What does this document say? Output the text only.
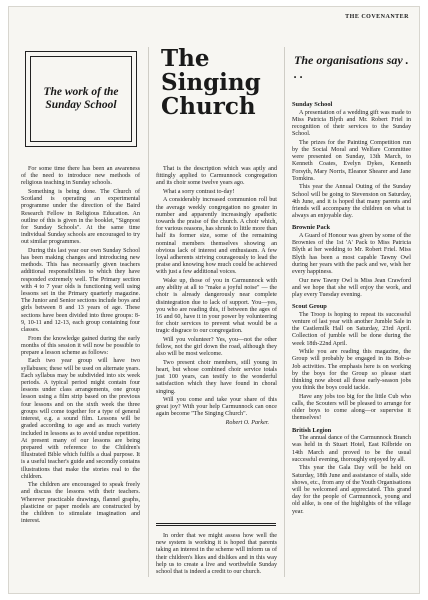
THE COVENANTER
The work of the Sunday School

For some time there has been an awareness of the need to introduce new methods of religious teaching in Sunday schools.

Something is being done. The Church of Scotland is operating an experimental programme under the direction of the Baird Research Fellow in Religious Education. An outline of this is given in the booklet, "Signpost for Sunday Schools". At the same time individual Sunday schools are encouraged to try out similar programmes.

During this last year our own Sunday School has been making changes and introducing new methods. This has necessarily given teachers additional responsibilities to which they have responded extremely well. The Primary section with 4 to 7 year olds is functioning well using lessons set in the Primary quarterly magazine. The Junior and Senior sections include boys and girls between 8 and 13 years of age. These sections have been divided into three groups: 8-9, 10-11 and 12-13, each group containing four classes.

From the knowledge gained during the early months of this session it will now be possible to prepare a lesson scheme as follows:

Each two year group will have two syllabuses; these will be used on alternate years. Each syllabus may be subdivided into six week periods. A typical period might contain four lessons under class arrangements, one group lesson using a film strip based on the previous four lessons and on the sixth week the three groups will come together for a type of general interest, e.g. a sound film. Lessons will be graded according to age and as much variety included in lessons as to avoid undue repetition. At present many of our lessons are being prepared with reference to the Children's Illustrated Bible which fulfils a dual purpose. It is a useful teacher's guide and secondly contains illustrations that make the stories real to the children.

The children are encouraged to speak freely and discuss the lessons with their teachers. Wherever practicable drawings, flannel graphs, plasticine or paper models are constructed by the children to stimulate imagination and interest.

The Singing Church

That is the description which was aptly and fittingly applied to Carmunnock congregation and its choir some twelve years ago.

What a sorry contrast to-day!

A considerably increased communion roll but the average weekly congregation no greater in number and apparently increasingly apathetic towards the praise of the church. A choir which, for various reasons, has shrunk to little more than half its former size, some of the remaining nominal members themselves showing an obvious lack of interest and enthusiasm. A few loyal adherents striving courageously to lead the praise and knowing how much could be achieved with just a few additional voices.

Wake up, those of you in Carmunnock with any ability at all to "make a joyful noise" — the choir is already dangerously near complete disintegration due to lack of support. You—yes, you who are reading this, if between the ages of 16 and 60, have it in your power by volunteering for choir services to prevent what would be a tragic disgrace to our congregation.

Will you volunteer? Yes, you—not the other fellow, not the girl down the road, although they also will be most welcome.

Two present choir members, still young in heart, but whose combined choir service totals just 100 years, can testify to the wonderful satisfaction which they have found in choral singing.

Will you come and take your share of this great joy? With your help Carmunnock can once again become "The Singing Church".

Robert O. Parker.

In order that we might assess how well the new system is working it is hoped that parents taking an interest in the scheme will inform us of their children's likes and dislikes and in this way help us to create a live and worthwhile Sunday school that is indeed a credit to our church.

The organisations say . . .
Sunday School

A presentation of a wedding gift was made to Miss Patricia Blyth and Mr. Robert Friel in recognition of their services to the Sunday School.

The prizes for the Painting Competition run by the Social Moral and Welfare Committee were presented on Sunday, 13th March, to Kenneth Coates, Evelyn Dykes, Kenneth Forsyth, Mary Norris, Eleanor Shearer and Jane Tomkins.

This year the Annual Outing of the Sunday School will be going to Stevenston on Saturday, 4th June, and it is hoped that many parents and friends will accompany the children on what is always an enjoyable day.

Brownie Pack

A Guard of Honour was given by some of the Brownies of the 1st 'A' Pack to Miss Patricia Blyth at her wedding to Mr. Robert Friel. Miss Blyth has been a most capable Tawny Owl during her years with the pack and we, wish her every happiness.

Our new Tawny Owl is Miss Jean Crawford and we hope that she will enjoy the work, and play every Tuesday evening.

Scout Group

The Troop is hoping to repeat its successful venture of last year with another Jumble Sale in the Castlemilk Hall on Saturday, 23rd April. Collection of jumble will be done during the week 18th-22nd April.

While you are reading this magazine, the Group will probably be engaged in its Bob-a-Job activities. The emphasis here is on working by the boys for the Group so please start thinking now about all those early-season jobs you think the boys could tackle.

Have any jobs too big for the little Cub who calls, the Scouters will be pleased to arrange for older boys to come along—or supervise it themselves!

British Legion

The annual dance of the Carmunnock Branch was held in th Stuart Hotel, East Kilbride on 14th March and proved to be the usual successful evening, thoroughly enjoyed by all.

This year the Gala Day will be held on Saturday, 18th June and assistance of stalls, side shows, etc., from any of the Youth Organisations will be welcomed and appreciated. This grand day for the people of Carmunnock, young and old alike, is one of the highlights of the village year.
